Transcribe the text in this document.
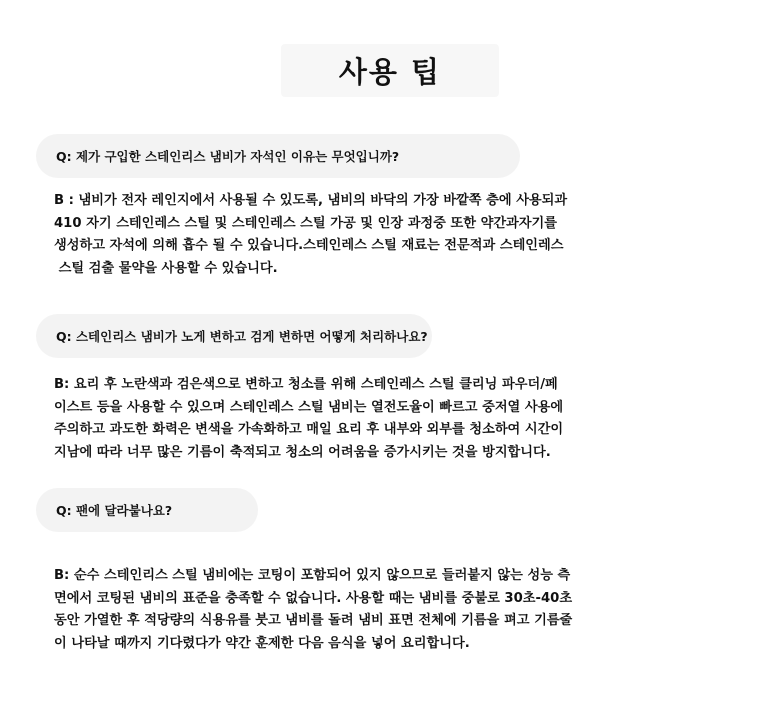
사용 팁
Q: 제가 구입한 스테인리스 냄비가 자석인 이유는 무엇입니까?
B : 냄비가 전자 레인지에서 사용될 수 있도록, 냄비의 바닥의 가장 바깥쪽 층에 사용되과
410 자기 스테인레스 스틸 및 스테인레스 스틸 가공 및 인장 과정중 또한 약간과자기를
생성하고 자석에 의해 흡수 될 수 있습니다.스테인레스 스틸 재료는 전문적과 스테인레스
스틸 검출 물약을 사용할 수 있습니다.
Q: 스테인리스 냄비가 노게 변하고 검게 변하면 어떻게 처리하나요?
B: 요리 후 노란색과 검은색으로 변하고 청소를 위해 스테인레스 스틸 클리닝 파우더/페
이스트 등을 사용할 수 있으며 스테인레스 스틸 냄비는 열전도율이 빠르고 중저열 사용에
주의하고 과도한 화력은 변색을 가속화하고 매일 요리 후 내부와 외부를 청소하여 시간이
지남에 따라 너무 많은 기름이 축적되고 청소의 어려움을 증가시키는 것을 방지합니다.
Q: 팬에 달라붙나요?
B: 순수 스테인리스 스틸 냄비에는 코팅이 포함되어 있지 않으므로 들러붙지 않는 성능 측
면에서 코팅된 냄비의 표준을 충족할 수 없습니다. 사용할 때는 냄비를 중불로 30초-40초
동안 가열한 후 적당량의 식용유를 붓고 냄비를 돌려 냄비 표면 전체에 기름을 펴고 기름줄
이 나타날 때까지 기다렸다가 약간 훈제한 다음 음식을 넣어 요리합니다.
